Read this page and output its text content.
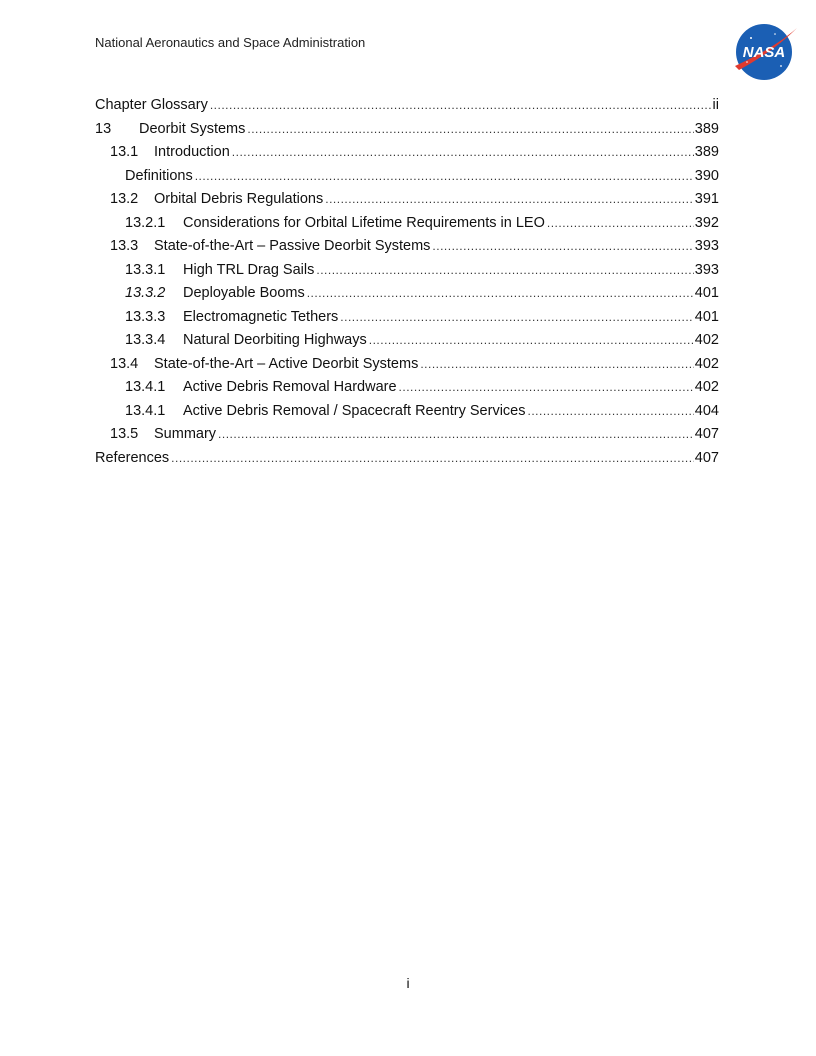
National Aeronautics and Space Administration
NASA
Chapter Glossary .....	ii
13	Deorbit Systems .....	389
13.1	Introduction .....	389
Definitions .....	390
13.2	Orbital Debris Regulations .....	391
13.2.1	Considerations for Orbital Lifetime Requirements in LEO .....	392
13.3	State-of-the-Art – Passive Deorbit Systems .....	393
13.3.1	High TRL Drag Sails .....	393
13.3.2	Deployable Booms .....	401
13.3.3	Electromagnetic Tethers .....	401
13.3.4	Natural Deorbiting Highways .....	402
13.4	State-of-the-Art – Active Deorbit Systems .....	402
13.4.1	Active Debris Removal Hardware .....	402
13.4.1	Active Debris Removal / Spacecraft Reentry Services .....	404
13.5	Summary .....	407
References .....	407
i
